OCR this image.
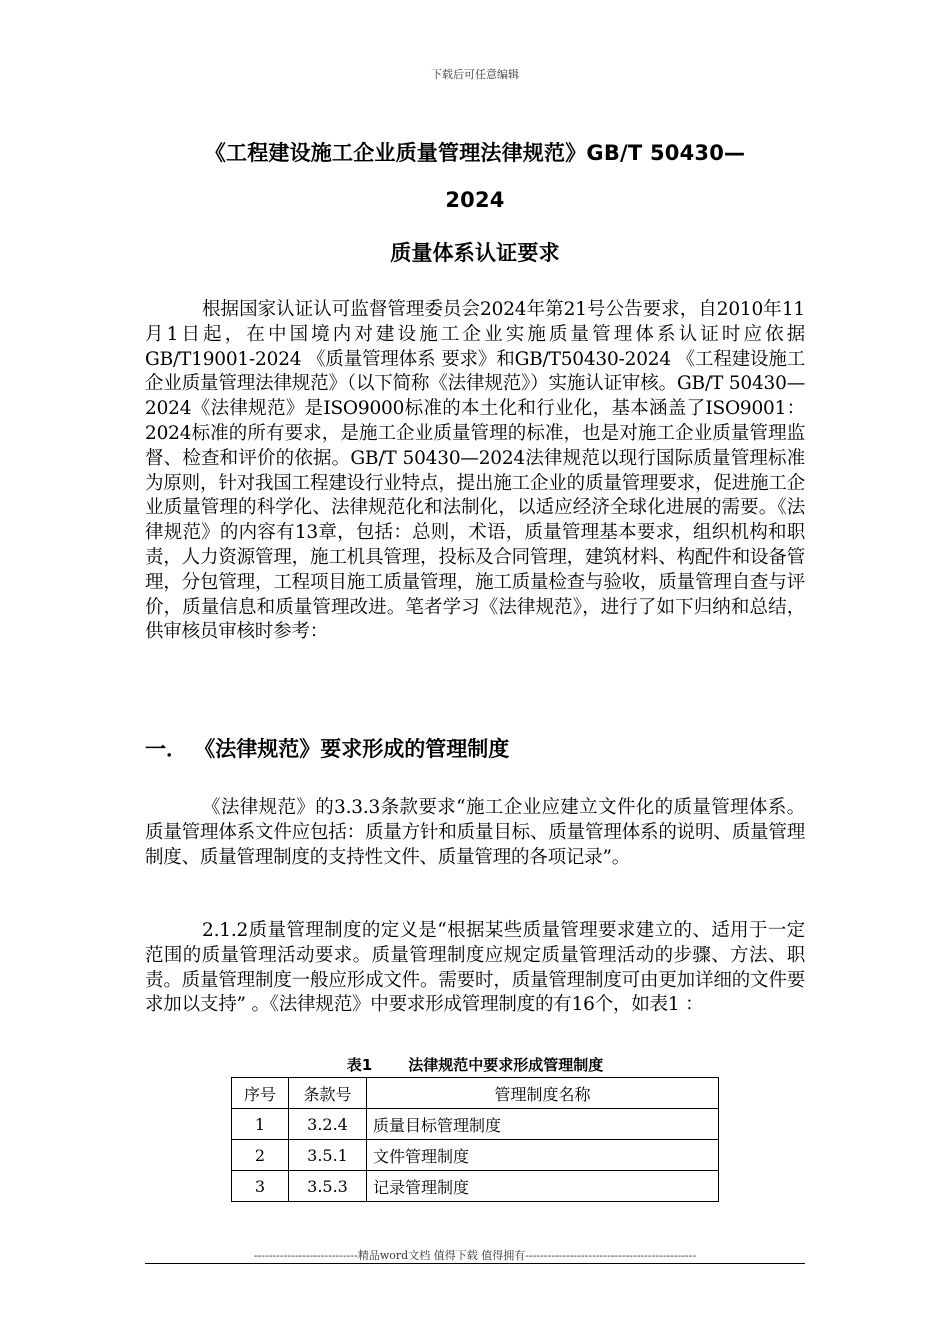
下载后可任意编辑
《工程建设施工企业质量管理法律规范》GB/T 50430—
2024
质量体系认证要求

根据国家认证认可监督管理委员会2024年第21号公告要求，自2010年11月1日起，在中国境内对建设施工企业实施质量管理体系认证时应依据GB/T19001-2024 《质量管理体系 要求》和GB/T50430-2024 《工程建设施工企业质量管理法律规范》（以下简称《法律规范》）实施认证审核。GB/T 50430—2024《法律规范》是ISO9000标准的本土化和行业化，基本涵盖了ISO9001：2024标准的所有要求，是施工企业质量管理的标准，也是对施工企业质量管理监督、检查和评价的依据。GB/T 50430—2024法律规范以现行国际质量管理标准为原则，针对我国工程建设行业特点，提出施工企业的质量管理要求，促进施工企业质量管理的科学化、法律规范化和法制化，以适应经济全球化进展的需要。《法律规范》的内容有13章，包括：总则，术语，质量管理基本要求，组织机构和职责，人力资源管理，施工机具管理，投标及合同管理，建筑材料、构配件和设备管理，分包管理，工程项目施工质量管理，施工质量检查与验收，质量管理自查与评价，质量信息和质量管理改进。笔者学习《法律规范》，进行了如下归纳和总结，供审核员审核时参考：

一． 《法律规范》要求形成的管理制度

《法律规范》的3.3.3条款要求“施工企业应建立文件化的质量管理体系。质量管理体系文件应包括：质量方针和质量目标、质量管理体系的说明、质量管理制度、质量管理制度的支持性文件、质量管理的各项记录”。

2.1.2质量管理制度的定义是“根据某些质量管理要求建立的、适用于一定范围的质量管理活动要求。质量管理制度应规定质量管理活动的步骤、方法、职责。质量管理制度一般应形成文件。需要时，质量管理制度可由更加详细的文件要求加以支持” 。《法律规范》中要求形成管理制度的有16个，如表1 ：

表1 法律规范中要求形成管理制度
序号	条款号	管理制度名称
1	3.2.4	质量目标管理制度
2	3.5.1	文件管理制度
3	3.5.3	记录管理制度
----------------------------精品word文档 值得下载 值得拥有----------------------------------------------
